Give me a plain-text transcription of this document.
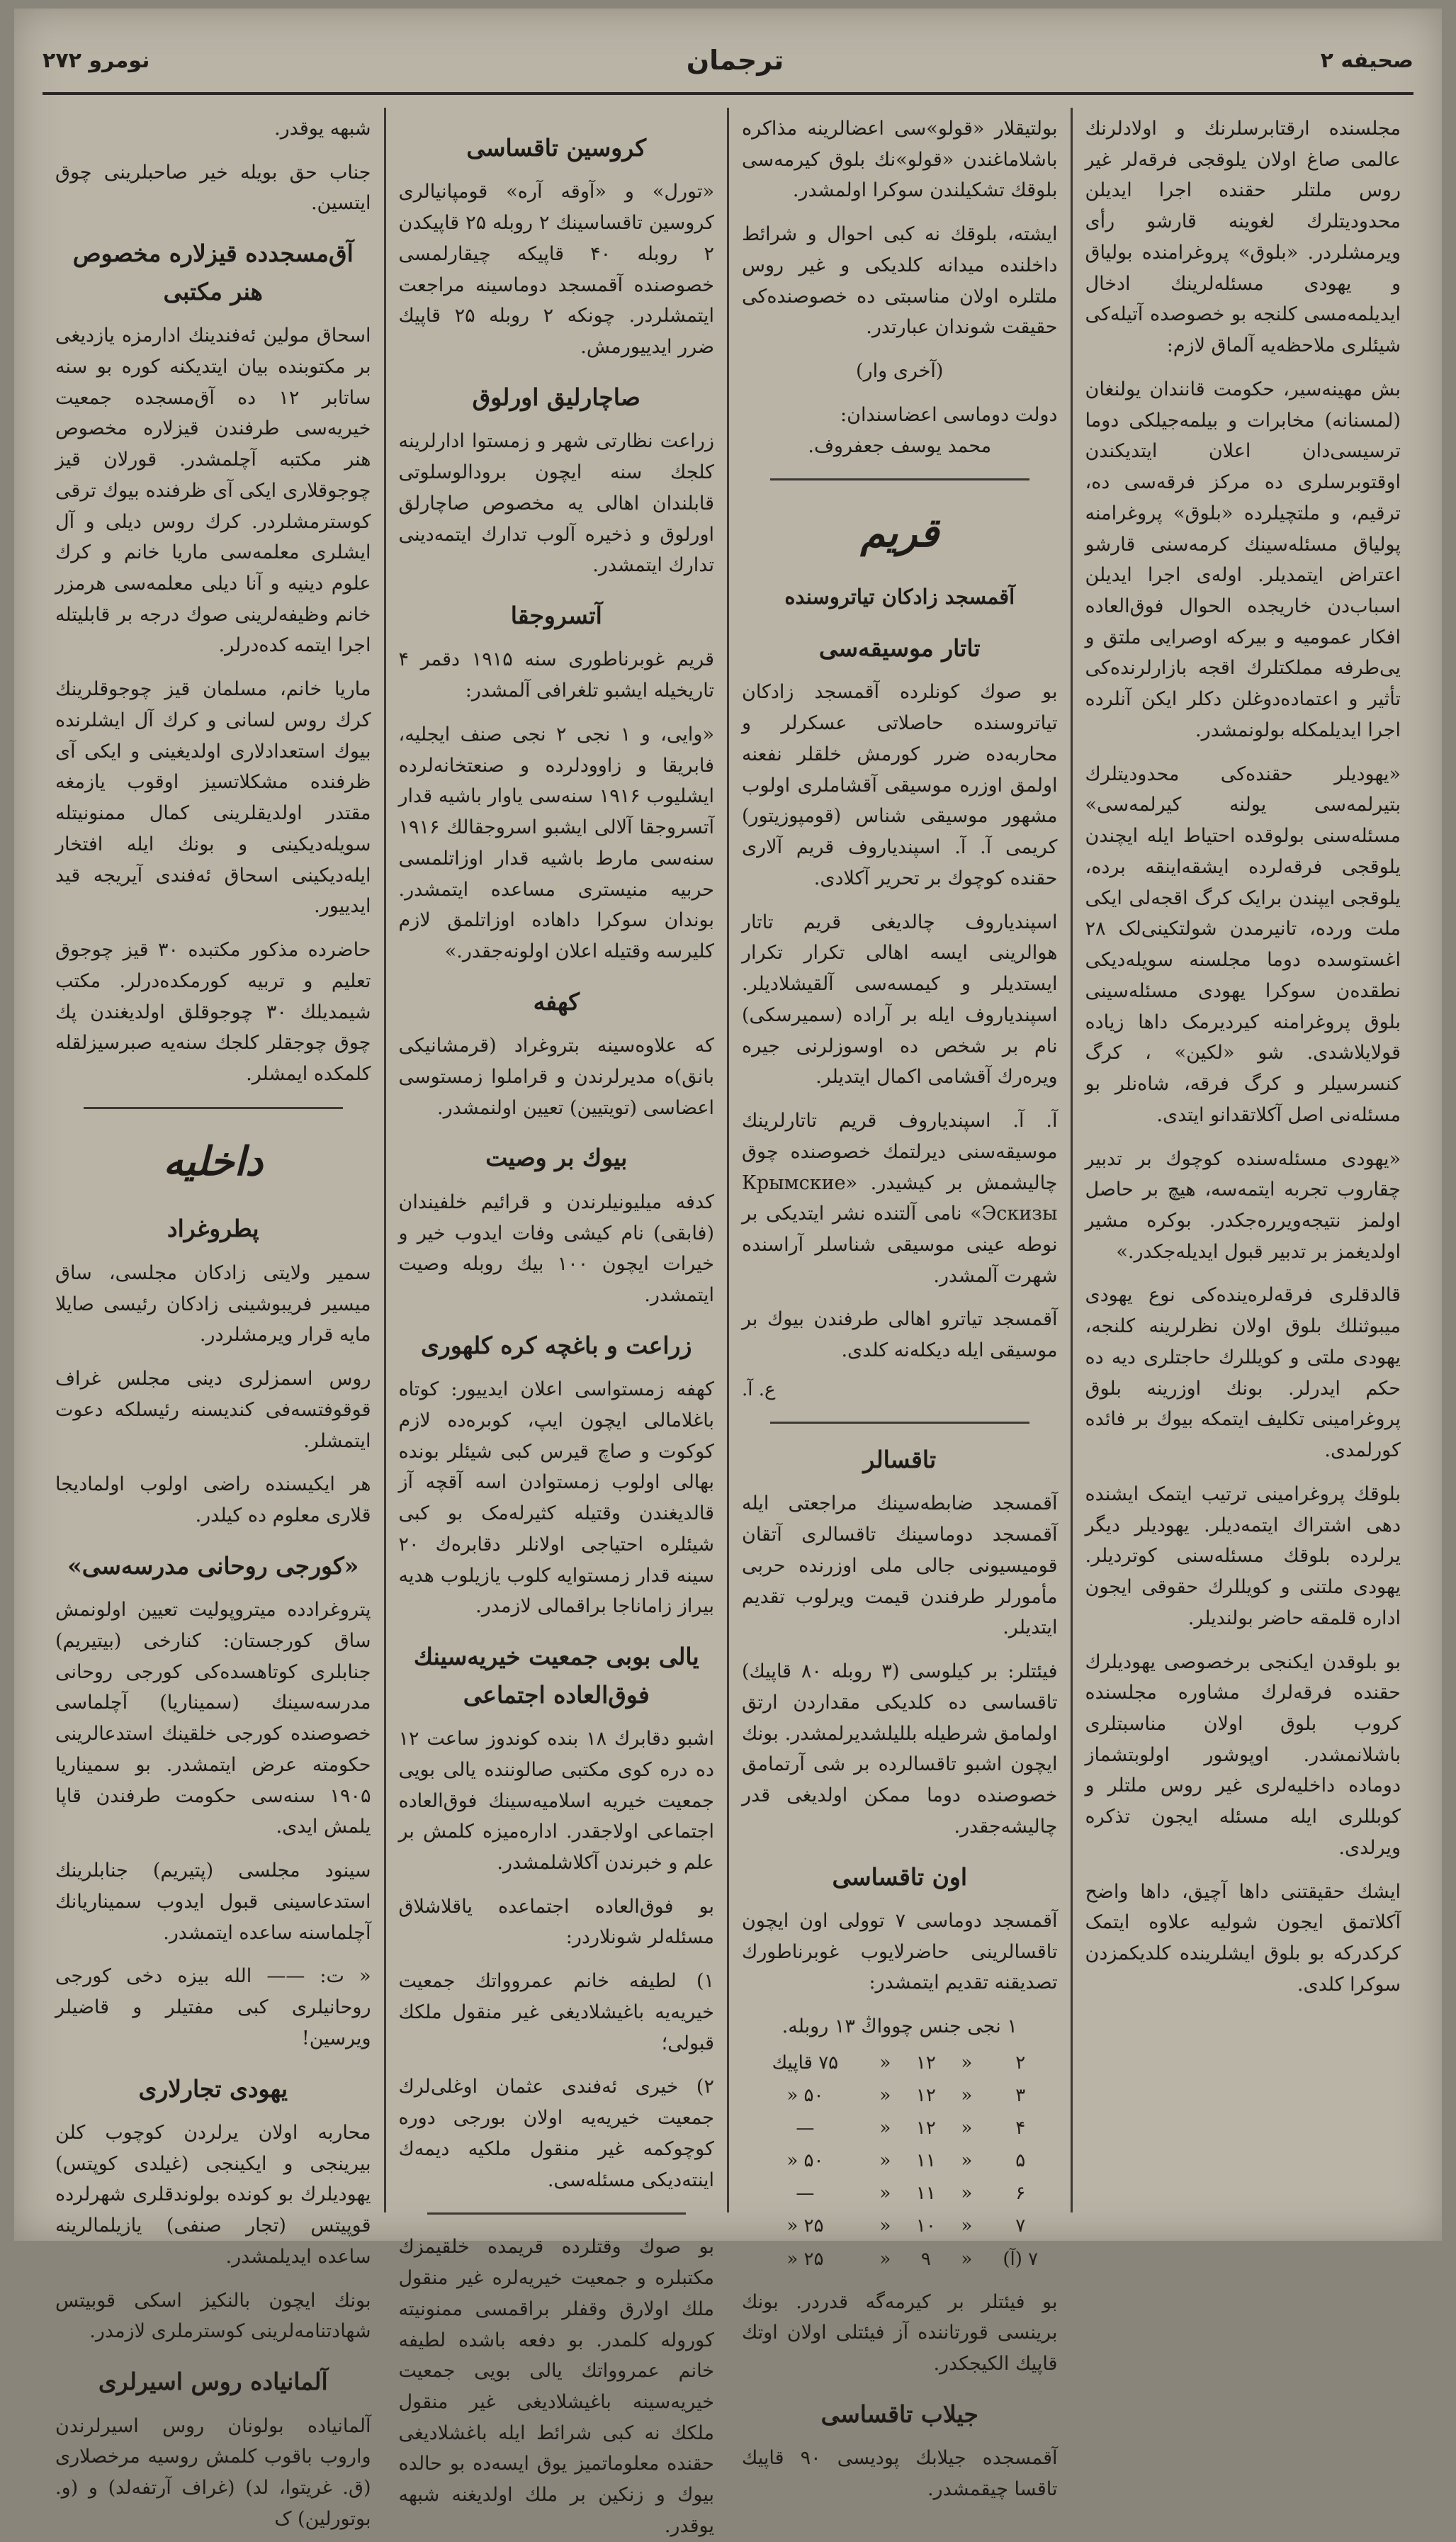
صحیفه ۲
ترجمان
نومرو ۲۷۲

مجلسنده ارقتابرسلرنك و اولادلرنك عالمی صاغ اولان یلوقجی فرقه‌لر غیر روس ملتلر حقنده اجرا ایدیلن محدودیتلرك لغوینه قارشو رأی ویرمشلردر. «بلوق» پروغرامنده بولیاق و یهودی مسئله‌لرینك ادخال ایدیلمه‌مسی کلنجه بو خصوصده آتیله‌کی شیئلری ملاحظه‌یه آلماق لازم:

بش مهینه‌سیر، حکومت قانندان یولنغان (لمسنانه) مخابرات و بیلمه‌جیلکی دوما ترسیسی‌دان اعلان ایتدیکندن اوقتوبرسلری ده مرکز فرقه‌سی ده، ترقیم، و ملتچیلرده «بلوق» پروغرامنه پولیاق مسئله‌سینك کرمه‌سنی قارشو اعتراض ایتمدیلر. اوله‌ی اجرا ایدیلن اسباب‌دن خاریجده الحوال فوق‌العاده افکار عمومیه و بیرکه اوصرایی ملتق و یی‌طرفه مملکتلرك اقجه بازارلرنده‌کی تأثیر و اعتماده‌دوغلن دکلر ایکن آنلرده اجرا ایدیلمکله بولونمشدر.

«یهودیلر حقنده‌کی محدودیتلرك بتیرلمه‌سی یولنه کیرلمه‌سی» مسئله‌سنی بولوقده احتیاط ایله ایچندن یلوقجی فرقه‌لرده ایشقه‌اینقه برده، یلوقجی ایپندن برایک کرگ اقجه‌لی ایکی ملت ورده، تانیرمدن شولتکینی‌لک ۲۸ اغستوسده دوما مجلسنه سویله‌دیکی نطقده‌ن سوکرا یهودی مسئله‌سینی بلوق پروغرامنه کیردیرمک داها زیاده قولایلاشدی. شو «لکین» ، کرگ کنسرسیلر و کرگ فرقه، شاه‌نلر بو مسئله‌نی اصل آکلاتقدانو ایتدی.

«یهودی مسئله‌سنده کوچوك بر تدبیر چقاروب تجربه ایتمه‌سه، هیچ بر حاصل اولمز نتیجه‌ویرره‌جکدر. بوکره مشیر اولدیغمز بر تدبیر قبول ایدیله‌جکدر.»

قالدقلری فرقه‌لره‌ینده‌کی نوع یهودی میبوثنلك بلوق اولان نظرلرینه کلنجه، یهودی ملتی و کویللرك حاجتلری دیه ده حکم ایدرلر. بونك اوزرینه بلوق پروغرامینی تکلیف ایتمکه بیوك بر فائده کورلمدی.

بلوقك پروغرامینی ترتیب ایتمک ایشنده دهی اشتراك ایتمه‌دیلر. یهودیلر دیگر یرلرده بلوقك مسئله‌سنی کوتردیلر. یهودی ملتنی و کویللرك حقوقی ایجون اداره قلمقه حاضر بولندیلر.

بو بلوقدن ایکنجی برخصوصی یهودیلرك حقنده فرقه‌لرك مشاوره مجلسنده کروب بلوق اولان مناسبتلری باشلانمشدر. اوپوشور اولوبتشماز دوماده داخلیه‌لری غیر روس ملتلر و کوبللری ایله مسئله ایجون تذکره ویرلدی.

ایشك حقیقتنی داها آچیق، داها واضح آکلاتمق ایجون شولیه علاوه ایتمک کرکدرکه بو بلوق ایشلرینده کلدیکمزدن سوکرا کلدی.

بولتیقلار «قولو»سی اعضالرینه مذاکره باشلاماغندن «قولو»نك بلوق کیرمه‌سی بلوقك تشکیلندن سوکرا اولمشدر.

ایشته، بلوقك نه کبی احوال و شرائط داخلنده میدانه کلدیکی و غیر روس ملتلره اولان مناسبتی ده خصوصنده‌کی حقیقت شوندان عبارتدر.

(آخری وار)

دولت دوماسی اعضاسندان:

محمد یوسف جعفروف.

قریم
آقمسجد زادکان تیاتروسنده
تاتار موسیقه‌سی

بو صوك کونلرده آقمسجد زادکان تیاتروسنده حاصلاتی عسکرلر و محاربه‌ده ضرر کورمش خلقلر نفعنه اولمق اوزره موسیقی آقشاملری اولوب مشهور موسیقی شناس (قومپوزیتور) کریمی آ. آ. اسپندیاروف قریم آلاری حقنده کوچوك بر تحریر آکلادی.

اسپندیاروف چالدیغی قریم تاتار هوالرینی ایسه اهالی تکرار تکرار ایستدیلر و کیمسه‌سی آلقیشلادیلر. اسپندیاروف ایله بر آراده (سمیرسکی) نام بر شخص ده اوسوزلرنی جیره ویره‌رك آقشامی اکمال ایتدیلر.

آ. آ. اسپندیاروف قریم تاتارلرینك موسیقه‌سنی دیرلتمك خصوصنده چوق چالیشمش بر کیشیدر. «Крымские Эскизы» نامی آلتنده نشر ایتدیکی بر نوطه عینی موسیقی شناسلر آراسنده شهرت آلمشدر.

آقمسجد تیاترو اهالی طرفندن بیوك بر موسیقی ایله دیکله‌نه کلدی.

ع. آ.

تاقسالر

آقمسجد ضابطه‌سینك مراجعتی ایله آقمسجد دوماسینك تاقسالری آتقان قومیسیونی جالی ملی اوزرنده حربی مأمورلر طرفندن قیمت ویرلوب تقدیم ایتدیلر.

فیئتلر: بر کیلوسی (۳ روبله ۸۰ قاپیك) تاقساسی ده کلدیکی مقداردن ارتق اولمامق شرطیله بللیلشدیرلمشدر. بونك ایچون اشبو تاقسالرده بر شی آرتمامق خصوصنده دوما ممکن اولدیغی قدر چالیشه‌جقدر.

اون تاقساسی

آقمسجد دوماسی ۷ توولی اون ایچون تاقسالرینی حاضرلایوب غوبرناطورك تصدیقنه تقدیم ایتمشدر:

۱ نجی جنس چوواڭ ۱۳ روبله.

۲	«	۱۲	«	۷۵ قاپیك
۳	«	۱۲	«	۵۰ «
۴	«	۱۲	«	—
۵	«	۱۱	«	۵۰ «
۶	«	۱۱	«	—
۷	«	۱۰	«	۲۵ «
۷ (آ)	«	۹	«	۲۵ «

بو فیئتلر بر کیرمه‌گه قدردر. بونك برینسی قورتاننده آز فیئتلی اولان اوتك قاپیك الکیجکدر.

جیلاب تاقساسی

آقمسجده جیلابك پودیسی ۹۰ قاپیك تاقسا چیقمشدر.

کروسین تاقساسی

«تورل» و «آوقه آره» قومپانیالری کروسین تاقساسینك ۲ روبله ۲۵ قاپیکدن ۲ روبله ۴۰ قاپیکه چیقارلمسی خصوصنده آقمسجد دوماسینه مراجعت ایتمشلردر. چونکه ۲ روبله ۲۵ قاپیك ضرر ایدییورمش.

صاچارلیق اورلوق

زراعت نظارتی شهر و زمستوا ادارلرینه کلجك سنه ایچون برودالوسلوتی قابلندان اهالی یه مخصوص صاچارلق اورلوق و ذخیره آلوب تدارك ایتمه‌دینی تدارك ایتمشدر.

آتسروجقا

قریم غوبرناطوری سنه ۱۹۱۵ دقمر ۴ تاریخیله ایشبو تلغرافی آلمشدر:

«وایی، و ۱ نجی ۲ نجی صنف ایجلیه، فابریقا و زاوودلرده و صنعتخانه‌لرده ایشلیوب ۱۹۱۶ سنه‌سی یاوار باشیه قدار آتسروجقا آلالی ایشبو اسروجقالك ۱۹۱۶ سنه‌سی مارط باشیه قدار اوزاتلمسی حربیه منیستری مساعده ایتمشدر. بوندان سوکرا داهاده اوزاتلمق لازم کلیرسه وقتیله اعلان اولونه‌جقدر.»

کهفه

که علاوه‌سینه بتروغراد (قرمشانیکی بانق)ه مدیرلرندن و قراملوا زمستوسی اعضاسی (تویتیین) تعیین اولنمشدر.

بیوك بر وصیت

کدفه میلیونیلرندن و قرائیم خلفیندان (فابقی) نام کیشی وفات ایدوب خیر و خیرات ایچون ۱۰۰ بیك روبله وصیت ایتمشدر.

زراعت و باغچه کره کلهوری

کهفه زمستواسی اعلان ایدییور: کوتاه باغلامالی ایچون ایپ، کوبره‌ده لازم کوکوت و صاچ قیرس کبی شیئلر بونده بهالی اولوب زمستوادن اسه آقچه آز قالدیغندن وقتیله کثیرله‌مک بو کبی شیئلره احتیاجی اولانلر دقابره‌ك ۲۰ سینه قدار زمستوایه کلوب یازیلوب هدیه بیراز زاماناجا براقمالی لازمدر.

یالی بوبی جمعیت خیریه‌سینك فوق‌العاده اجتماعی

اشبو دقابرك ۱۸ بنده کوندوز ساعت ۱۲ ده دره کوی مکتبی صالوننده یالی بویی جمعیت خیریه اسلامیه‌سینك فوق‌العاده اجتماعی اولاجقدر. اداره‌میزه کلمش بر علم و خبرندن آکلاشلمشدر.

بو فوق‌العاده اجتماعده یاقلاشلاق مسئله‌لر شونلاردر:

۱) لطیفه خانم عمروواتك جمعیت خیریه‌یه باغیشلادیغی غیر منقول ملکك قبولی؛

۲) خیری ئه‌فندی عثمان اوغلی‌لرك جمعیت خیریه‌یه اولان بورجی دوره کوچوكمه غیر منقول ملکیه دیمه‌ك اینته‌دیکی مسئله‌سی.

بو صوك وقتلرده قریمده خلقیمزك مکتبلره و جمعیت خیریه‌لره غیر منقول ملك اولارق وقفلر براقمسی ممنونیته کوروله کلمدر. بو دفعه باشده لطیفه خانم عمروواتك یالی بویی جمعیت خیریه‌سینه باغیشلادیغی غیر منقول ملکك نه کبی شرائط ایله باغشلادیغی حقنده معلوماتمیز یوق ایسه‌ده بو حالده بیوك و زنکین بر ملك اولدیغنه شبهه یوقدر.

شبهه یوقدر.

جناب حق بویله خیر صاحبلرینی چوق ایتسین.

آق‌مسجدده قیزلاره مخصوص هنر مکتبی

اسحاق مولین ئه‌فندینك ادارمزه یازدیغی بر مکتوبنده بیان ایتدیکنه کوره بو سنه ساتابر ۱۲ ده آق‌مسجده جمعیت خیریه‌سی طرفندن قیزلاره مخصوص هنر مکتبه آچلمشدر. قورلان قیز چوجوقلاری ایکی آی ظرفنده بیوك ترقی کوسترمشلردر. کرك روس دیلی و آل ایشلری معلمه‌سی ماریا خانم و کرك علوم دینیه و آنا دیلی معلمه‌سی هرمزر خانم وظیفه‌لرینی صوك درجه بر قابلیتله اجرا ایتمه کده‌درلر.

ماریا خانم، مسلمان قیز چوجوقلرینك کرك روس لسانی و کرك آل ایشلرنده بیوك استعدادلاری اولدیغینی و ایکی آی ظرفنده مشکلاتسیز اوقوب یازمغه مقتدر اولدیقلرینی کمال ممنونیتله سویله‌دیکینی و بونك ایله افتخار ایله‌دیکینی اسحاق ئه‌فندی آیریجه قید ایدییور.

حاضرده مذکور مکتبده ۳۰ قیز چوجوق تعلیم و تربیه کورمکده‌درلر. مکتب شیمدیلك ۳۰ چوجوقلق اولدیغندن پك چوق چوجقلر کلجك سنه‌یه صبرسیزلقله کلمکده ایمشلر.

داخلیه
پطروغراد

سمیر ولایتی زادکان مجلسی، ساق میسیر فریبوشینی زادکان رئیسی صایلا مایه قرار ویرمشلردر.

روس اسمزلری دینی مجلس غراف قوقوفتسه‌فی کندیسنه رئیسلکه دعوت ایتمشلر.

هر ایکیسنده راضی اولوب اولمادیجا قلاری معلوم ده کیلدر.

«کورجی روحانی مدرسه‌سی»

پتروغرادده میتروپولیت تعیین اولونمش ساق کورجستان: کنارخی (بیتیریم) جنابلری کوتاهسده‌کی کورجی روحانی مدرسه‌سینك (سمیناریا) آچلماسی خصوصنده کورجی خلقینك استدعالرینی حکومته عرض ایتمشدر. بو سمیناریا ۱۹۰۵ سنه‌سی حکومت طرفندن قاپا یلمش ایدی.

سینود مجلسی (پتیریم) جنابلرینك استدعاسینی قبول ایدوب سمیناریانك آچلماسنه ساعده ایتمشدر.

« ت: —— الله بیزه دخی کورجی روحانیلری کبی مفتیلر و قاضیلر ویرسین!

یهودی تجارلاری

محاربه اولان یرلردن کوچوب کلن بیرینجی و ایکینجی (غیلدی کوپتس) یهودیلرك بو کونده بولوندقلری شهرلرده قوپیتس (تجار صنفی) یازیلمالرینه ساعده ایدیلمشدر.

بونك ایچون بالنکیز اسکی قوبیتس شهادتنامه‌لرینی کوسترملری لازمدر.

آلمانیاده روس اسیرلری

آلمانیاده بولونان روس اسیرلرندن واروب باقوب کلمش روسیه مرخصلاری (ق. غریتوا، لد) (غراف آرتفه‌لد) و (و. بوتورلین) ک
